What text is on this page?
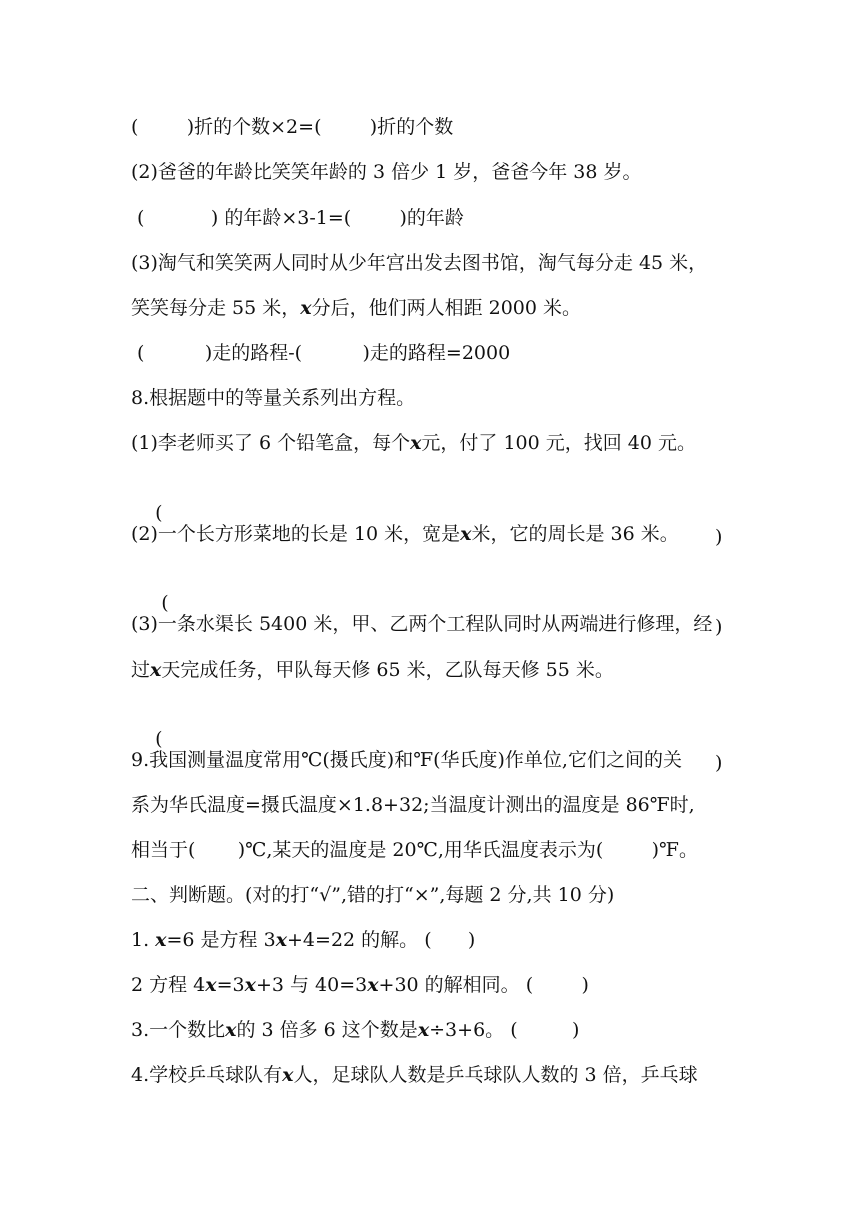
(        )折的个数×2=(        )折的个数
(2)爸爸的年龄比笑笑年龄的 3 倍少 1 岁，爸爸今年 38 岁。
(           ) 的年龄×3-1=(        )的年龄
(3)淘气和笑笑两人同时从少年宫出发去图书馆，淘气每分走 45 米，
笑笑每分走 55 米，x分后，他们两人相距 2000 米。
(          )走的路程-(          )走的路程=2000
8.根据题中的等量关系列出方程。
(1)李老师买了 6 个铅笔盒，每个x元，付了 100 元，找回 40 元。

(

)

(2)一个长方形菜地的长是 10 米，宽是x米，它的周长是 36 米。

(

)

(3)一条水渠长 5400 米，甲、乙两个工程队同时从两端进行修理，经
过x天完成任务，甲队每天修 65 米，乙队每天修 55 米。

(

)

9.我国测量温度常用℃(摄氏度)和℉(华氏度)作单位,它们之间的关
系为华氏温度=摄氏温度×1.8+32;当温度计测出的温度是 86℉时,
相当于(       )℃,某天的温度是 20℃,用华氏温度表示为(        )℉。
二、判断题。(对的打“√”,错的打“×”,每题 2 分,共 10 分)
1. x=6 是方程 3x+4=22 的解。 (      )
2 方程 4x=3x+3 与 40=3x+30 的解相同。 (        )
3.一个数比x的 3 倍多 6 这个数是x÷3+6。 (         )
4.学校乒乓球队有x人，足球队人数是乒乓球队人数的 3 倍，乒乓球
